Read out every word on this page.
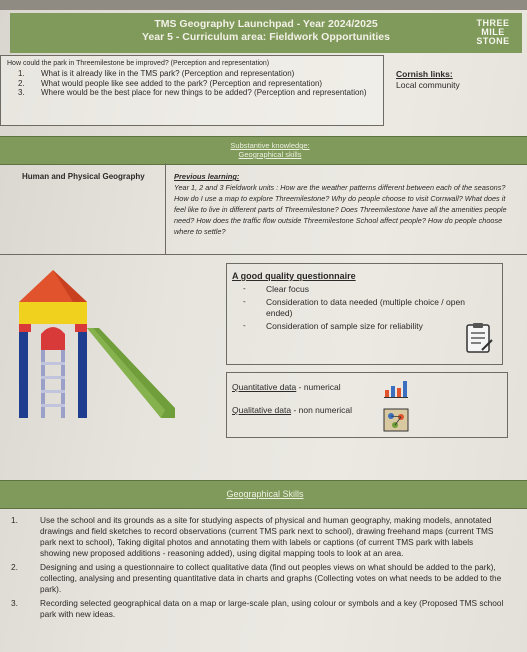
TMS Geography Launchpad - Year 2024/2025
Year 5 - Curriculum area: Fieldwork Opportunities
THREE
MILE
STONE
How could the park in Threemilestone be improved? (Perception and representation)
1. What is it already like in the TMS park? (Perception and representation)
2. What would people like see added to the park? (Perception and representation)
3. Where would be the best place for new things to be added? (Perception and representation)
Cornish links:
Local community
Substantive knowledge:
Geographical skills
Human and Physical Geography	Previous learning:
Year 1, 2 and 3 Fieldwork units : How are the weather patterns different between each of the seasons? How do I use a map to explore Threemilestone? Why do people choose to visit Cornwall? What does it feel like to live in different parts of Threemilestone? Does Threemilestone have all the amenities people need? How does the traffic flow outside Threemilestone School affect people? How do people choose where to settle?
A good quality questionnaire
- Clear focus
- Consideration to data needed (multiple choice / open ended)
- Consideration of sample size for reliability
Quantitative data - numerical
Qualitative data - non numerical
Geographical Skills
1.	Use the school and its grounds as a site for studying aspects of physical and human geography, making models, annotated drawings and field sketches to record observations (current TMS park next to school), drawing freehand maps (current TMS park next to school), Taking digital photos and annotating them with labels or captions (of current TMS park with labels showing new proposed additions - reasoning added), using digital mapping tools to look at an area.
2.	Designing and using a questionnaire to collect qualitative data (find out peoples views on what should be added to the park), collecting, analysing and presenting quantitative data in charts and graphs (Collecting votes on what needs to be added to the park).
3.	Recording selected geographical data on a map or large-scale plan, using colour or symbols and a key (Proposed TMS school park with new ideas.
